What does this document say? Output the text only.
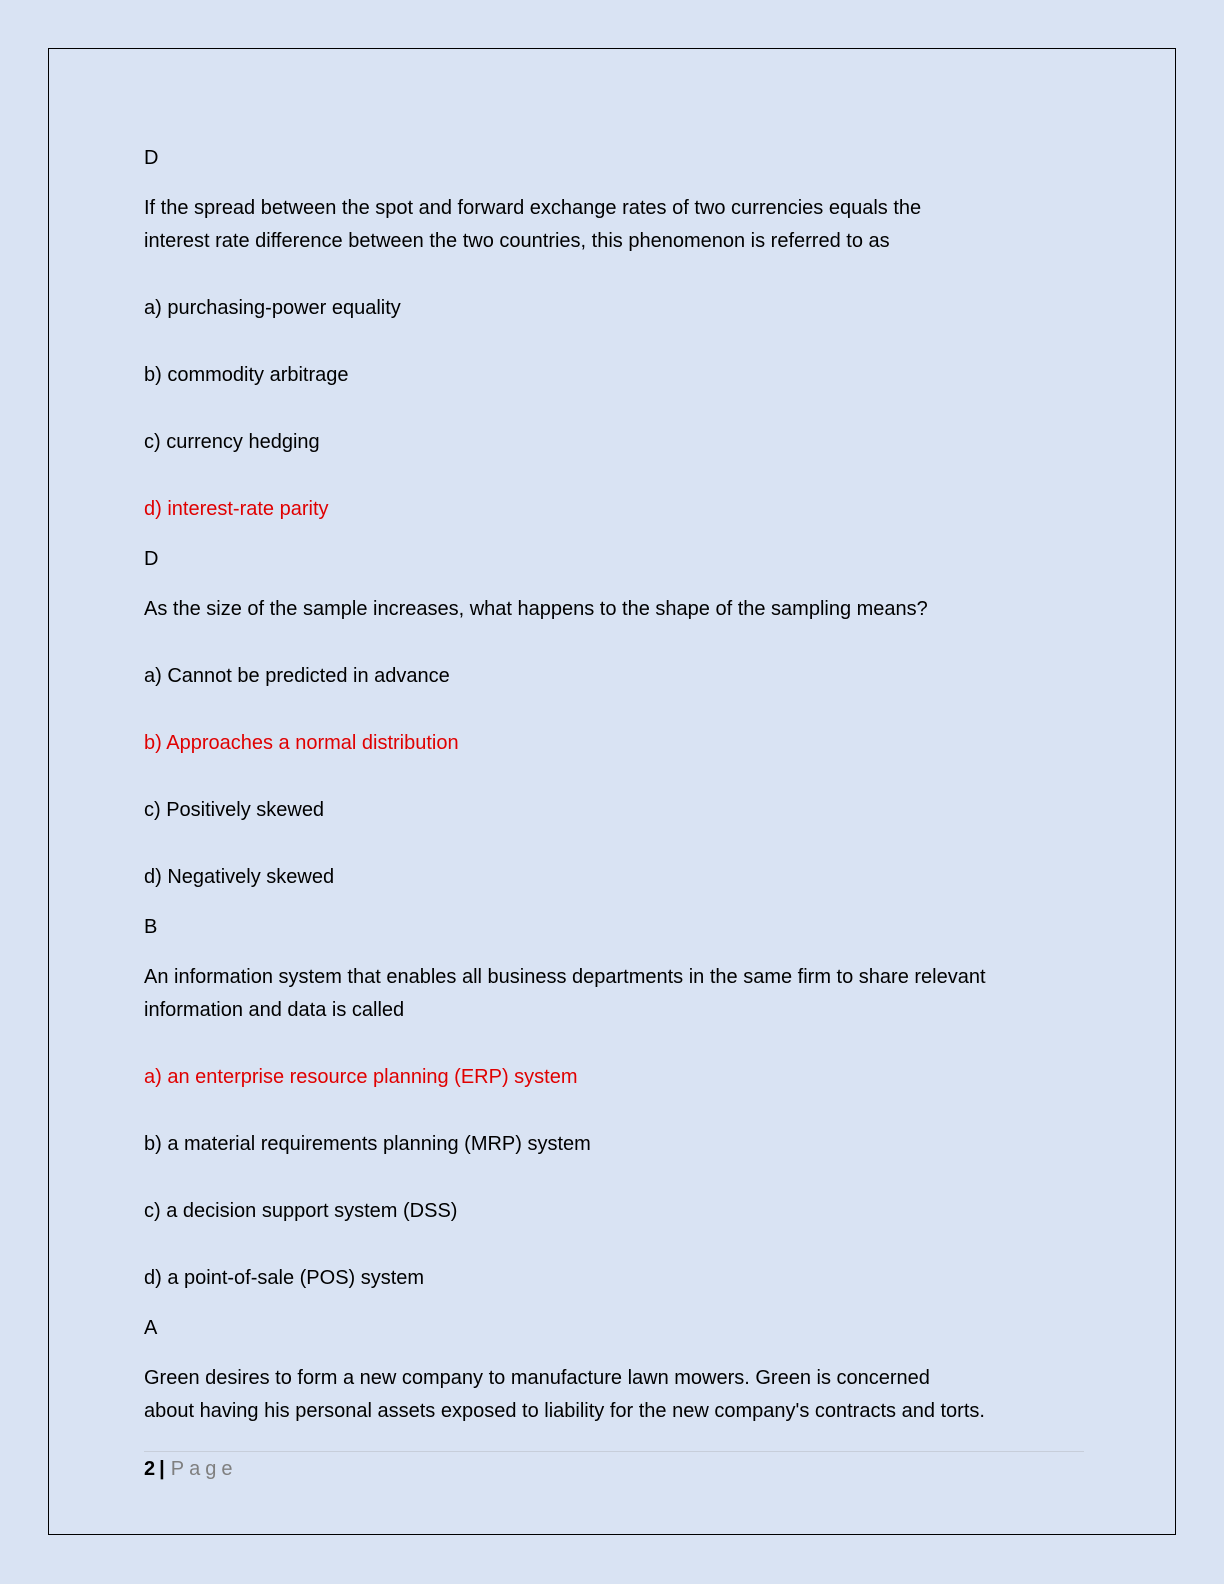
D
If the spread between the spot and forward exchange rates of two currencies equals the
interest rate difference between the two countries, this phenomenon is referred to as
a) purchasing-power equality
b) commodity arbitrage
c) currency hedging
d) interest-rate parity
D
As the size of the sample increases, what happens to the shape of the sampling means?
a) Cannot be predicted in advance
b) Approaches a normal distribution
c) Positively skewed
d) Negatively skewed
B
An information system that enables all business departments in the same firm to share relevant
information and data is called
a) an enterprise resource planning (ERP) system
b) a material requirements planning (MRP) system
c) a decision support system (DSS)
d) a point-of-sale (POS) system
A
Green desires to form a new company to manufacture lawn mowers. Green is concerned
about having his personal assets exposed to liability for the new company's contracts and torts.
2 | Page
